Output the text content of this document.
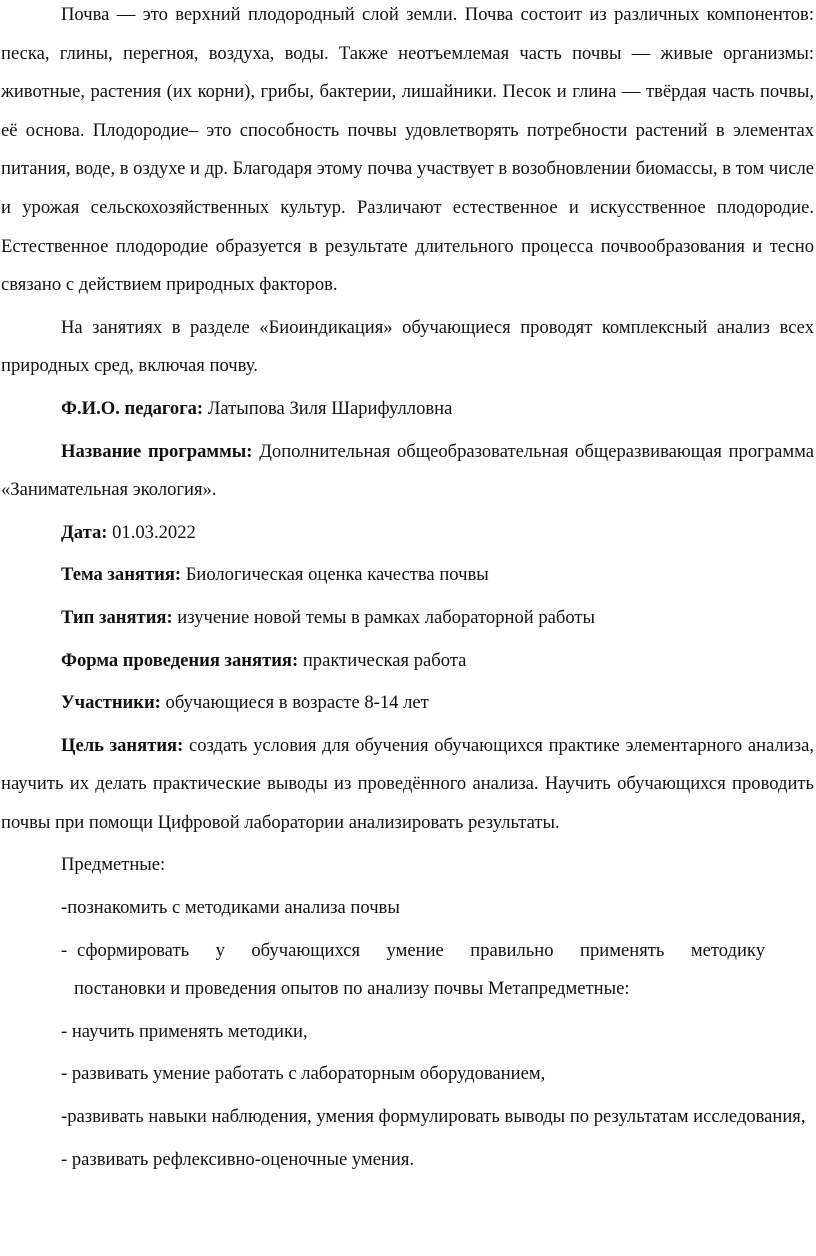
Почва — это верхний плодородный слой земли. Почва состоит из различных компонентов: песка, глины, перегноя, воздуха, воды. Также неотъемлемая часть почвы — живые организмы: животные, растения (их корни), грибы, бактерии, лишайники. Песок и глина — твёрдая часть почвы, её основа. Плодородие– это способность почвы удовлетворять потребности растений в элементах питания, воде, в оздухе и др. Благодаря этому почва участвует в возобновлении биомассы, в том числе и урожая сельскохозяйственных культур. Различают естественное и искусственное плодородие. Естественное плодородие образуется в результате длительного процесса почвообразования и тесно связано с действием природных факторов.

На занятиях в разделе «Биоиндикация» обучающиеся проводят комплексный анализ всех природных сред, включая почву.

Ф.И.О. педагога: Латыпова Зиля Шарифулловна

Название программы: Дополнительная общеобразовательная общеразвивающая программа «Занимательная экология».

Дата: 01.03.2022

Тема занятия: Биологическая оценка качества почвы

Тип занятия: изучение новой темы в рамках лабораторной работы

Форма проведения занятия: практическая работа

Участники: обучающиеся в возрасте 8-14 лет

Цель занятия: создать условия для обучения обучающихся практике элементарного анализа, научить их делать практические выводы из проведённого анализа. Научить обучающихся проводить почвы при помощи Цифровой лаборатории анализировать результаты.

Предметные:

-познакомить с методиками анализа почвы

- сформировать у обучающихся умение правильно применять методику

постановки и проведения опытов по анализу почвы Метапредметные:

- научить применять методики,

- развивать умение работать с лабораторным оборудованием,

-развивать навыки наблюдения, умения формулировать выводы по результатам исследования,

- развивать рефлексивно-оценочные умения.
